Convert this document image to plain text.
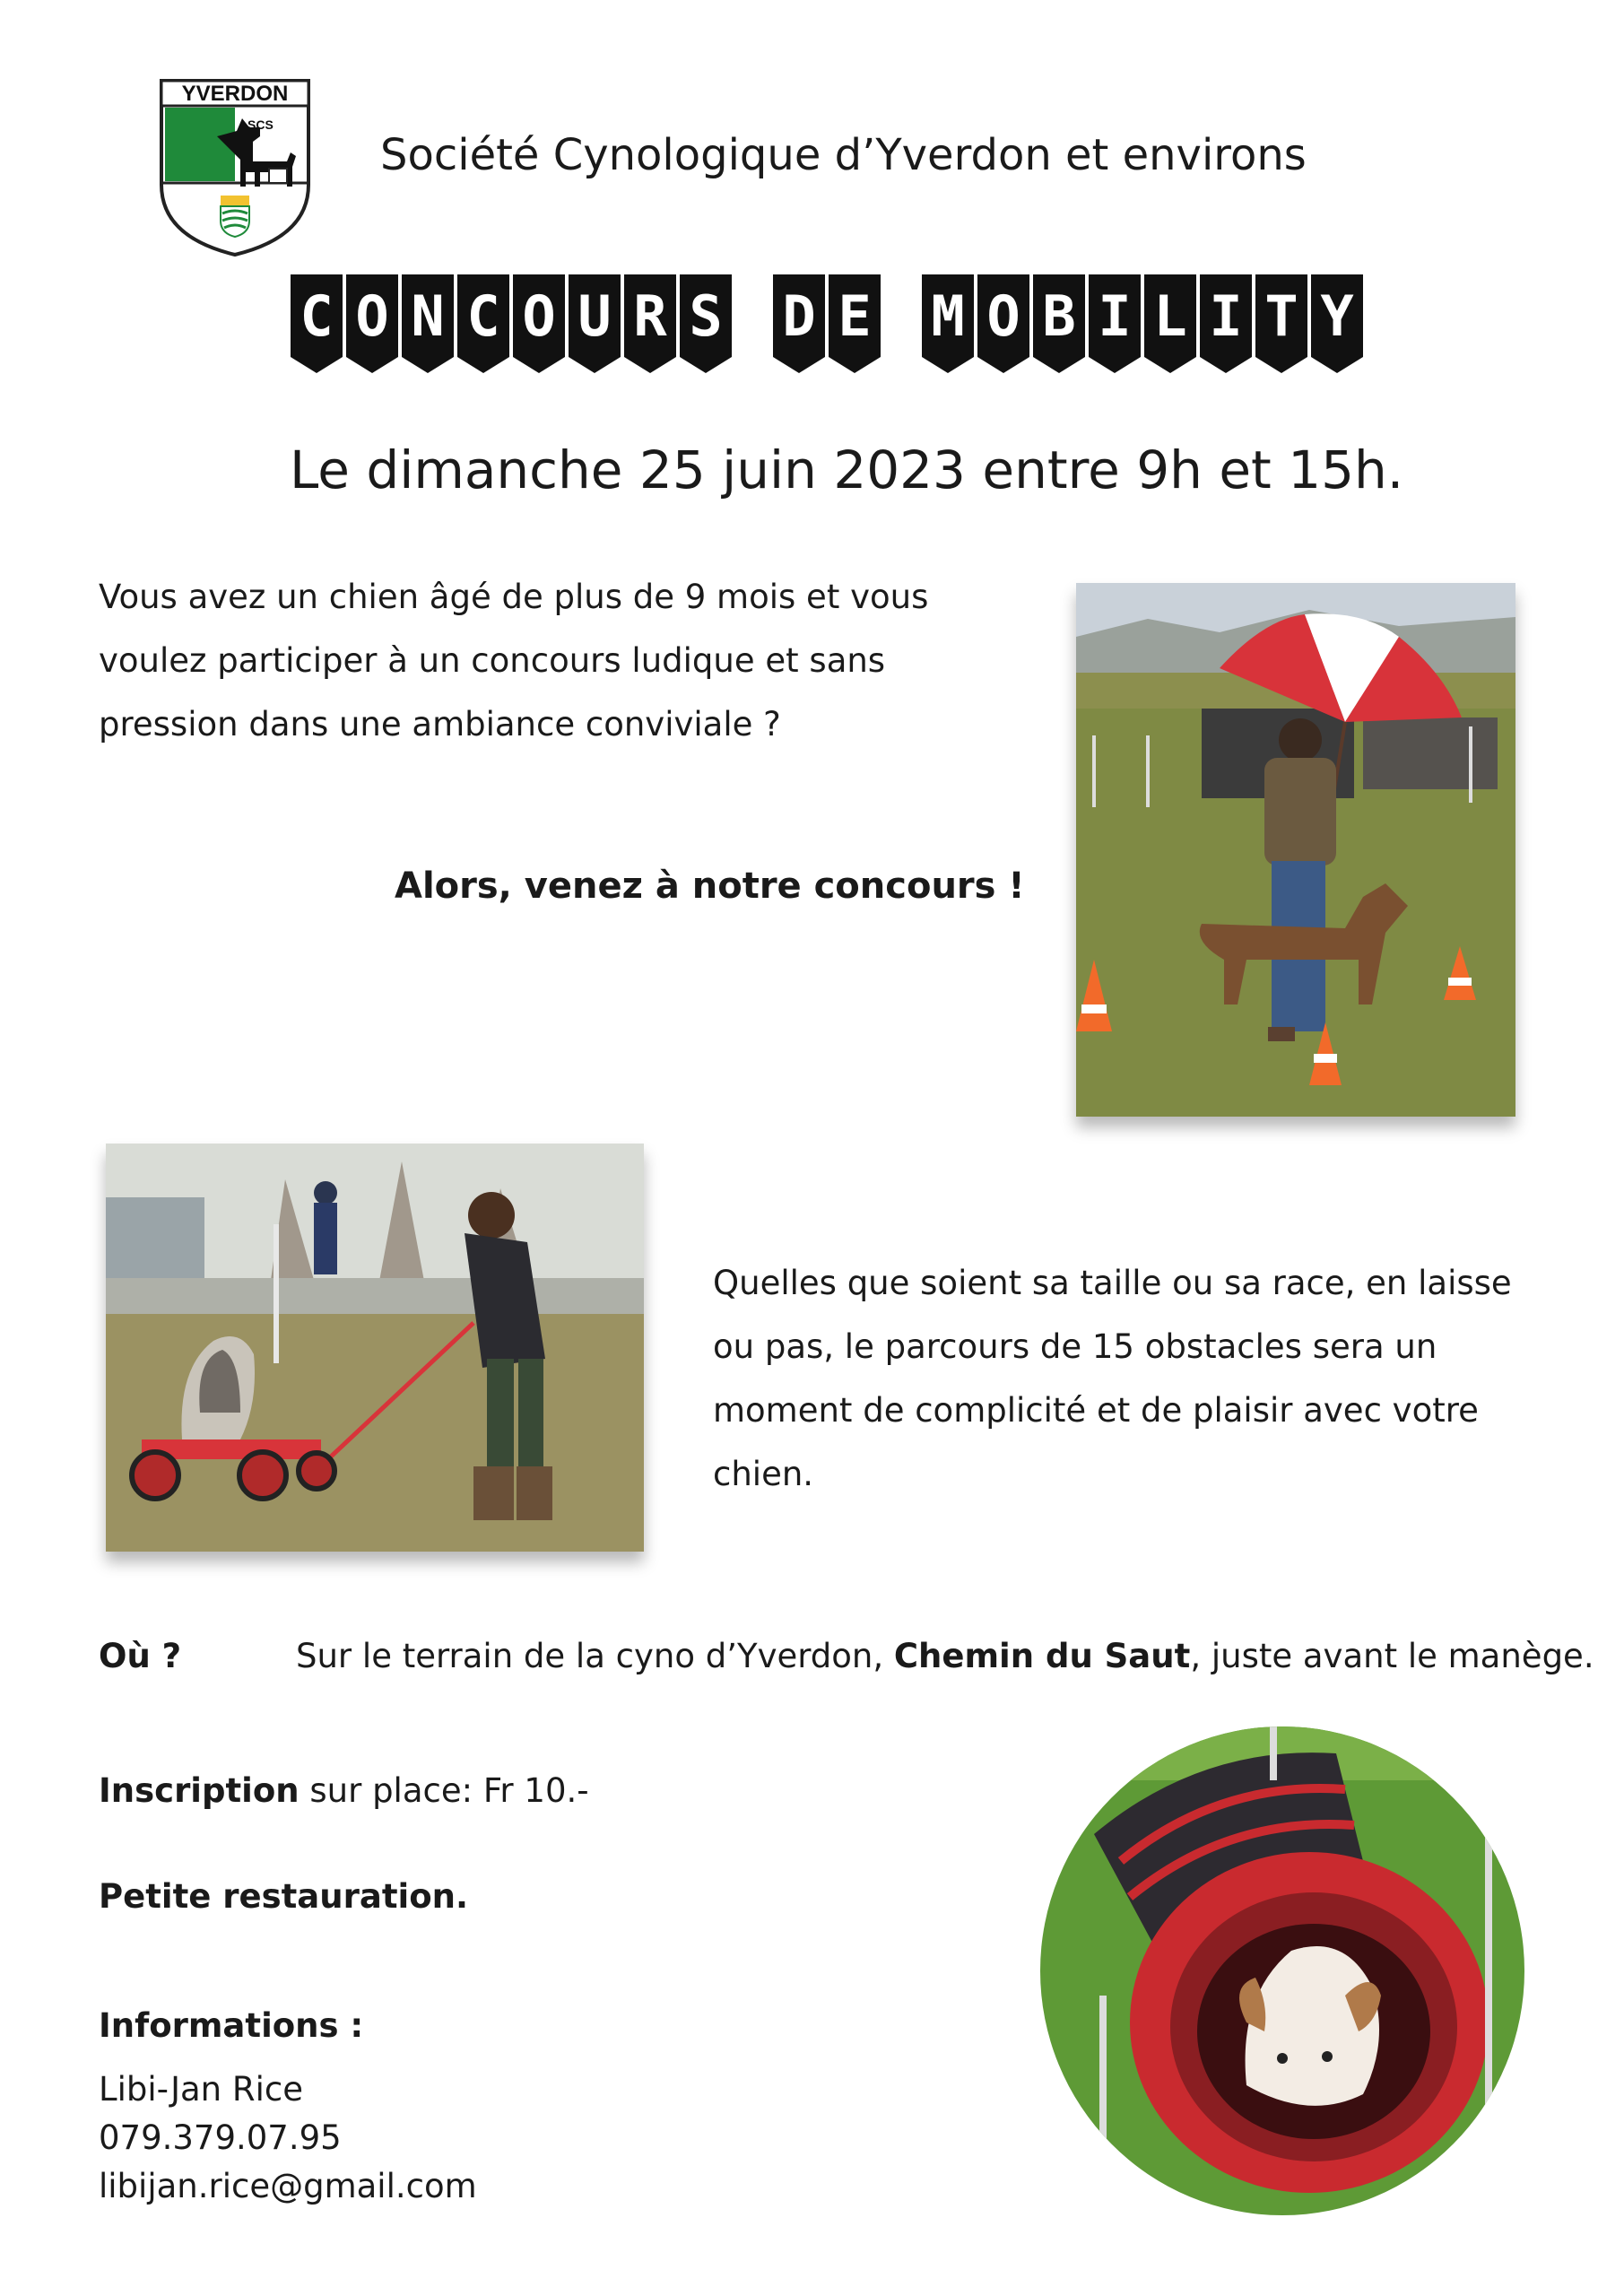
YVERDON
SCS
Société Cynologique d’Yverdon et environs
C O N C O U R S D E M O B I L I T Y
Le dimanche 25 juin 2023 entre 9h et 15h.
Vous avez un chien âgé de plus de 9 mois et vous voulez participer à un concours ludique et sans pression dans une ambiance conviviale ?
Alors, venez à notre concours !
Quelles que soient sa taille ou sa race, en laisse ou pas, le parcours de 15 obstacles sera un moment de complicité et de plaisir avec votre chien.
Où ?	Sur le terrain de la cyno d’Yverdon, Chemin du Saut, juste avant le manège.
Inscription sur place: Fr 10.-
Petite restauration.
Informations :
Libi-Jan Rice
079.379.07.95
libijan.rice@gmail.com
